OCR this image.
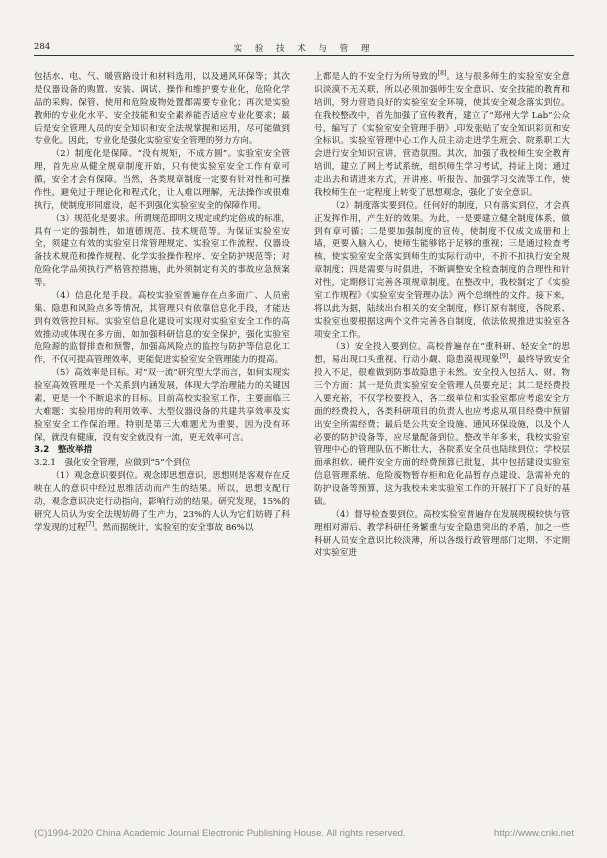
284	实 验 技 术 与 管 理

包括水、电、气、暖管路设计和材料选用，以及通风环保等；其次是仪器设备的购置、安装、调试、操作和维护要专业化，危险化学品的采购、保管、使用和危险废物处置都需要专业化；再次是实验教师的专业化水平、安全技能和安全素养能否适应专业化要求；最后是安全管理人员的安全知识和安全法规掌握和运用，尽可能做到专业化。因此，专业化是强化实验室安全管理的努力方向。

（2）制度化是保障。“没有规矩，不成方圆”。实验室安全管理，首先应从健全规章制度开始，只有使实验室安全工作有章可循，安全才会有保障。当然，各类规章制度一定要有针对性和可操作性，避免过于理论化和程式化，让人难以理解，无法操作或很难执行，使制度形同虚设，起不到强化实验室安全的保障作用。

（3）规范化是要求。所谓规范即明文规定或约定俗成的标准，具有一定的强制性，如道德规范、技术规范等。为保证实验室安全，须建立有效的实验室日常管理规定、实验室工作流程、仪器设备技术规范和操作规程、化学实验操作程序、安全防护规范等；对危险化学品须执行严格管控措施，此外须制定有关的事故应急预案等。

（4）信息化是手段。高校实验室普遍存在点多面广、人员密集、隐患和风险点多等情况，其管理只有依靠信息化手段，才能达到有效管控目标。实验室信息化建设可实现对实验室安全工作的高效推动或体现在多方面，如加强科研信息的安全保护，强化实验室危险源的监督排查和预警，加强高风险点的监控与防护等信息化工作，不仅可提高管理效率，更能促进实验室安全管理能力的提高。

（5）高效率是目标。对“双一流”研究型大学而言，如何实现实验室高效管理是一个关系到内涵发展，体现大学治理能力的关键因素，更是一个不断追求的目标。目前高校实验室工作，主要面临三大难题：实验用房的利用效率、大型仪器设备的共建共享效率及实验室安全工作保治理。特别是第三大难题尤为重要，因为没有环保，就没有健康，没有安全就没有一流，更无效率可言。

3.2　整改举措

3.2.1　强化安全管理，应做到“5”个到位

（1）观念意识要到位。观念即思想意识，思想则是客观存在反映在人的意识中经过思维活动而产生的结果。所以，思想支配行动，观念意识决定行动指向，影响行动的结果。研究发现，15%的研究人员认为安全法规妨碍了生产力，23%的人认为它们妨碍了科学发现的过程[7]。然而据统计，实验室的安全事故 86%以

上都是人的不安全行为所导致的[8]。这与很多师生的实验室安全意识淡漠不无关联，所以必须加强师生安全意识、安全技能的教育和培训，努力营造良好的实验室安全环境，使其安全观念落实到位。在我校整改中，首先加强了宣传教育，建立了“郑州大学 Lab”公众号，编写了《实验室安全管理手册》,印发张贴了安全知识彩页和安全标识。实验室管理中心工作人员主动走进学生班会、院系职工大会进行安全知识宣讲，营造氛围。其次，加强了我校师生安全教育培训，建立了网上考试系统，组织师生学习考试，持证上岗；通过走出去和请进来方式，开讲座、听报告、加强学习交流等工作，使我校师生在一定程度上转变了思想观念，强化了安全意识。

（2）制度落实要到位。任何好的制度，只有落实到位，才会真正发挥作用，产生好的效果。为此，一是要建立健全制度体系，做到有章可循；二是要加强制度的宣传，使制度不仅成文成册和上墙，更要入脑入心，使师生能够铭于足够的重视；三是通过检查考核，使实验室安全落实到师生的实际行动中，不折不扣执行安全规章制度；四是需要与时俱进，不断调整安全检查制度的合理性和针对性，定期修订完善各项规章制度。在整改中，我校制定了《实验室工作规程》《实验室安全管理办法》两个总纲性的文件。接下来，将以此为据，陆续出台相关的安全制度，修订原有制度，各院系、实验室也要根据这两个文件完善各自制度，依法依规推进实验室各项安全工作。

（3）安全投入要到位。高校普遍存在“重科研、轻安全”的思想，易出现口头重视、行动小觑、隐患漠视现象[9]，最终导致安全投入不足，很难做到防事故隐患于未然。安全投入包括人、财、物三个方面：其一是负责实验室安全管理人员要充足；其二是经费投入要充裕，不仅学校要投入，各二级单位和实验室都应考虑安全方面的经费投入，各类科研项目的负责人也应考虑从项目经费中预留出安全所需经费；最后是公共安全设施、通风环保设施，以及个人必要的防护设备等，应尽量配备到位。整改半年多来，我校实验室管理中心的管理队伍不断壮大，各院系安全员也陆续到位；学校层面承担软、硬件安全方面的经费预算已批复，其中包括建设实验室信息管理系统、危险废物暂存柜和危化品暂存点建设、急需补充的防护设备等预算，这为我校未来实验室工作的开展打下了良好的基础。

（4）督导检查要到位。高校实验室普遍存在发展规模较快与管理相对滞后、教学科研任务繁重与安全隐患突出的矛盾，加之一些科研人员安全意识比较淡薄，所以各级行政管理部门定期、不定期对实验室进

(C)1994-2020 China Academic Journal Electronic Publishing House. All rights reserved.	http://www.cnki.net
